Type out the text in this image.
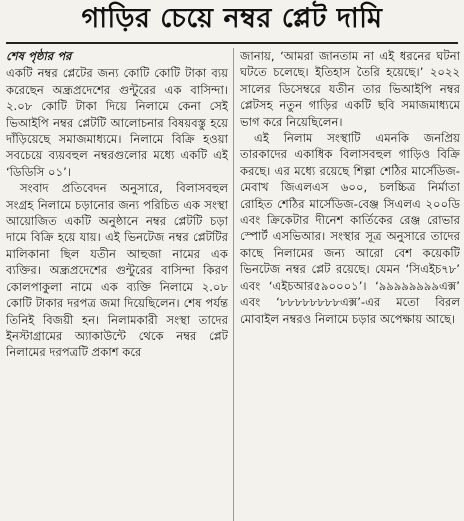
গাড়ির চেয়ে নম্বর প্লেট দামি

শেষ পৃষ্ঠার পর

একটি নম্বর প্লেটের জন্য কোটি কোটি টাকা ব্যয় করেছেন অন্ধ্রপ্রদেশের গুন্টুরের এক বাসিন্দা। ২.০৮ কোটি টাকা দিয়ে নিলামে কেনা সেই ভিআইপি নম্বর প্লেটটি আলোচনার বিষয়বস্তু হয়ে দাঁড়িয়েছে সমাজমাধ্যমে। নিলামে বিক্রি হওয়া সবচেয়ে ব্যয়বহুল নম্বরগুলোর মধ্যে একটি এই ‘ডিডিসি ০১’।

সংবাদ প্রতিবেদন অনুসারে, বিলাসবহুল সংগ্রহ নিলামে চড়ানোর জন্য পরিচিত এক সংস্থা আয়োজিত একটি অনুষ্ঠানে নম্বর প্লেটটি চড়া দামে বিক্রি হয়ে যায়। এই ভিনটেজ নম্বর প্লেটটির মালিকানা ছিল যতীন আহুজা নামের এক ব্যক্তির। অন্ধ্রপ্রদেশের গুন্টুরের বাসিন্দা কিরণ কোলপাকুলা নামে এক ব্যক্তি নিলামে ২.০৮ কোটি টাকার দরপত্র জমা দিয়েছিলেন। শেষ পর্যন্ত তিনিই বিজয়ী হন। নিলামকারী সংস্থা তাদের ইনস্টাগ্রামের অ্যাকাউন্টে থেকে নম্বর প্লেট নিলামের দরপত্রটি প্রকাশ করে

জানায়, ‘আমরা জানতাম না এই ধরনের ঘটনা ঘটতে চলেছে। ইতিহাস তৈরি হয়েছে।’ ২০২২ সালের ডিসেম্বরে যতীন তার ভিআইপি নম্বর প্লেটসহ নতুন গাড়ির একটি ছবি সমাজমাধ্যমে ভাগ করে নিয়েছিলেন।

এই নিলাম সংস্থাটি এমনকি জনপ্রিয় তারকাদের একাধিক বিলাসবহুল গাড়িও বিক্রি করছে। এর মধ্যে রয়েছে শিল্পা শেঠির মার্সেডিজ-মেবাখ জিএলএস ৬০০, চলচ্চিত্র নির্মাতা রোহিত শেঠির মার্সেডিজ-বেঞ্জ সিএলএ ২০০ডি এবং ক্রিকেটার দীনেশ কার্তিকের রেঞ্জ রোভার স্পোর্ট এসভিআর। সংস্থার সূত্র অনুসারে তাদের কাছে নিলামের জন্য আরো বেশ কয়েকটি ভিনটেজ নম্বর প্লেট রয়েছে। যেমন ‘সিএইচ৭৮’ এবং ‘এইচআর৫৯০০০১’। ‘৯৯৯৯৯৯৯৯এক্স’ এবং ‘৮৮৮৮৮৮৮৮এক্স’-এর মতো বিরল মোবাইল নম্বরও নিলামে চড়ার অপেক্ষায় আছে।
